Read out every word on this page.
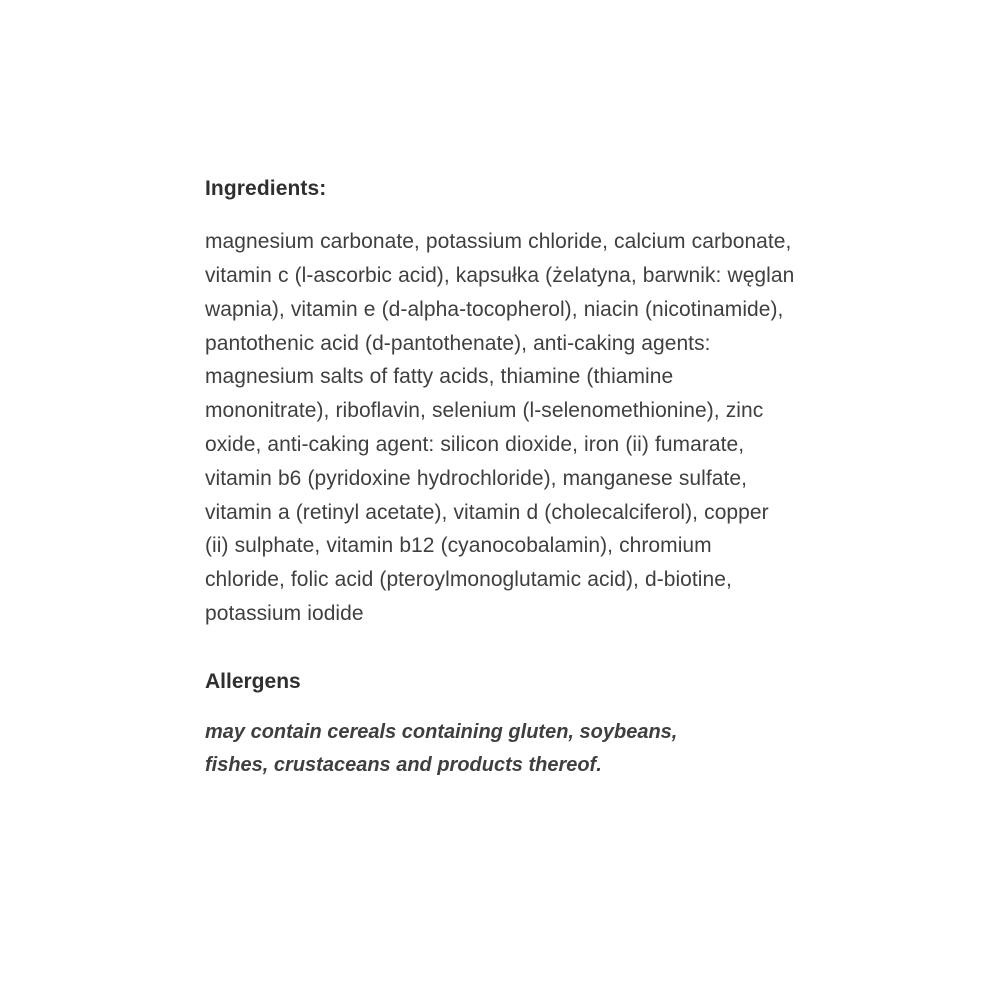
Ingredients:

magnesium carbonate, potassium chloride, calcium carbonate, vitamin c (l-ascorbic acid), kapsułka (żelatyna, barwnik: węglan wapnia), vitamin e (d-alpha-tocopherol), niacin (nicotinamide), pantothenic acid (d-pantothenate), anti-caking agents: magnesium salts of fatty acids, thiamine (thiamine mononitrate), riboflavin, selenium (l-selenomethionine), zinc oxide, anti-caking agent: silicon dioxide, iron (ii) fumarate, vitamin b6 (pyridoxine hydrochloride), manganese sulfate, vitamin a (retinyl acetate), vitamin d (cholecalciferol), copper (ii) sulphate, vitamin b12 (cyanocobalamin), chromium chloride, folic acid (pteroylmonoglutamic acid), d-biotine, potassium iodide

Allergens

may contain cereals containing gluten, soybeans, fishes, crustaceans and products thereof.
